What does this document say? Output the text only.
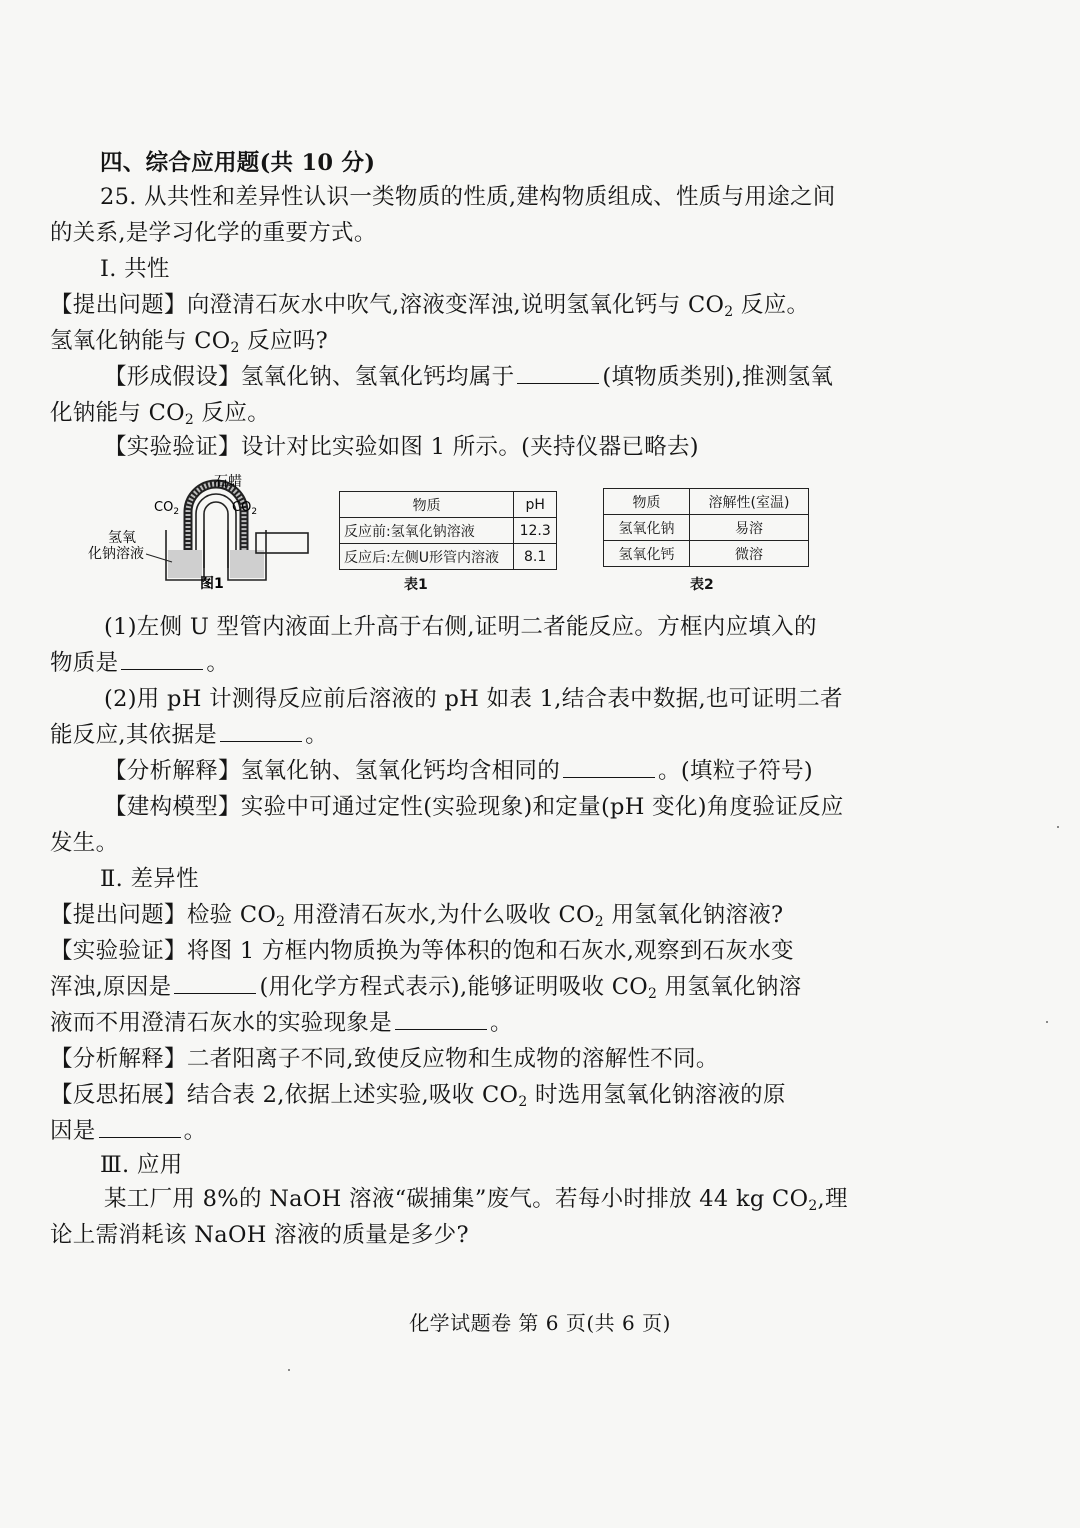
四、综合应用题(共 10 分)
25. 从共性和差异性认识一类物质的性质,建构物质组成、性质与用途之间
的关系,是学习化学的重要方式。
Ⅰ. 共性
【提出问题】向澄清石灰水中吹气,溶液变浑浊,说明氢氧化钙与 $CO_2$ 反应。
氢氧化钠能与 $CO_2$ 反应吗?
【形成假设】氢氧化钠、氢氧化钙均属于	(填物质类别),推测氢氧
化钠能与 $CO_2$ 反应。
【实验验证】设计对比实验如图 1 所示。(夹持仪器已略去)
石蜡
$CO_2$	$CO_2$
氢氧
化钠溶液
图1
物质	pH
反应前:氢氧化钠溶液	12.3
反应后:左侧U形管内溶液	8.1
表1
物质	溶解性(室温)
氢氧化钠	易溶
氢氧化钙	微溶
表2
(1)左侧 U 型管内液面上升高于右侧,证明二者能反应。方框内应填入的
物质是	。
(2)用 pH 计测得反应前后溶液的 pH 如表 1,结合表中数据,也可证明二者
能反应,其依据是	。
【分析解释】氢氧化钠、氢氧化钙均含相同的	。(填粒子符号)
【建构模型】实验中可通过定性(实验现象)和定量(pH 变化)角度验证反应
发生。
Ⅱ. 差异性
【提出问题】检验 $CO_2$ 用澄清石灰水,为什么吸收 $CO_2$ 用氢氧化钠溶液?
【实验验证】将图 1 方框内物质换为等体积的饱和石灰水,观察到石灰水变
浑浊,原因是	(用化学方程式表示),能够证明吸收 $CO_2$ 用氢氧化钠溶
液而不用澄清石灰水的实验现象是	。
【分析解释】二者阳离子不同,致使反应物和生成物的溶解性不同。
【反思拓展】结合表 2,依据上述实验,吸收 $CO_2$ 时选用氢氧化钠溶液的原
因是	。
Ⅲ. 应用
某工厂用 8%的 NaOH 溶液“碳捕集”废气。若每小时排放 44 kg $CO_2$,理
论上需消耗该 NaOH 溶液的质量是多少?
化学试题卷 第 6 页(共 6 页)
